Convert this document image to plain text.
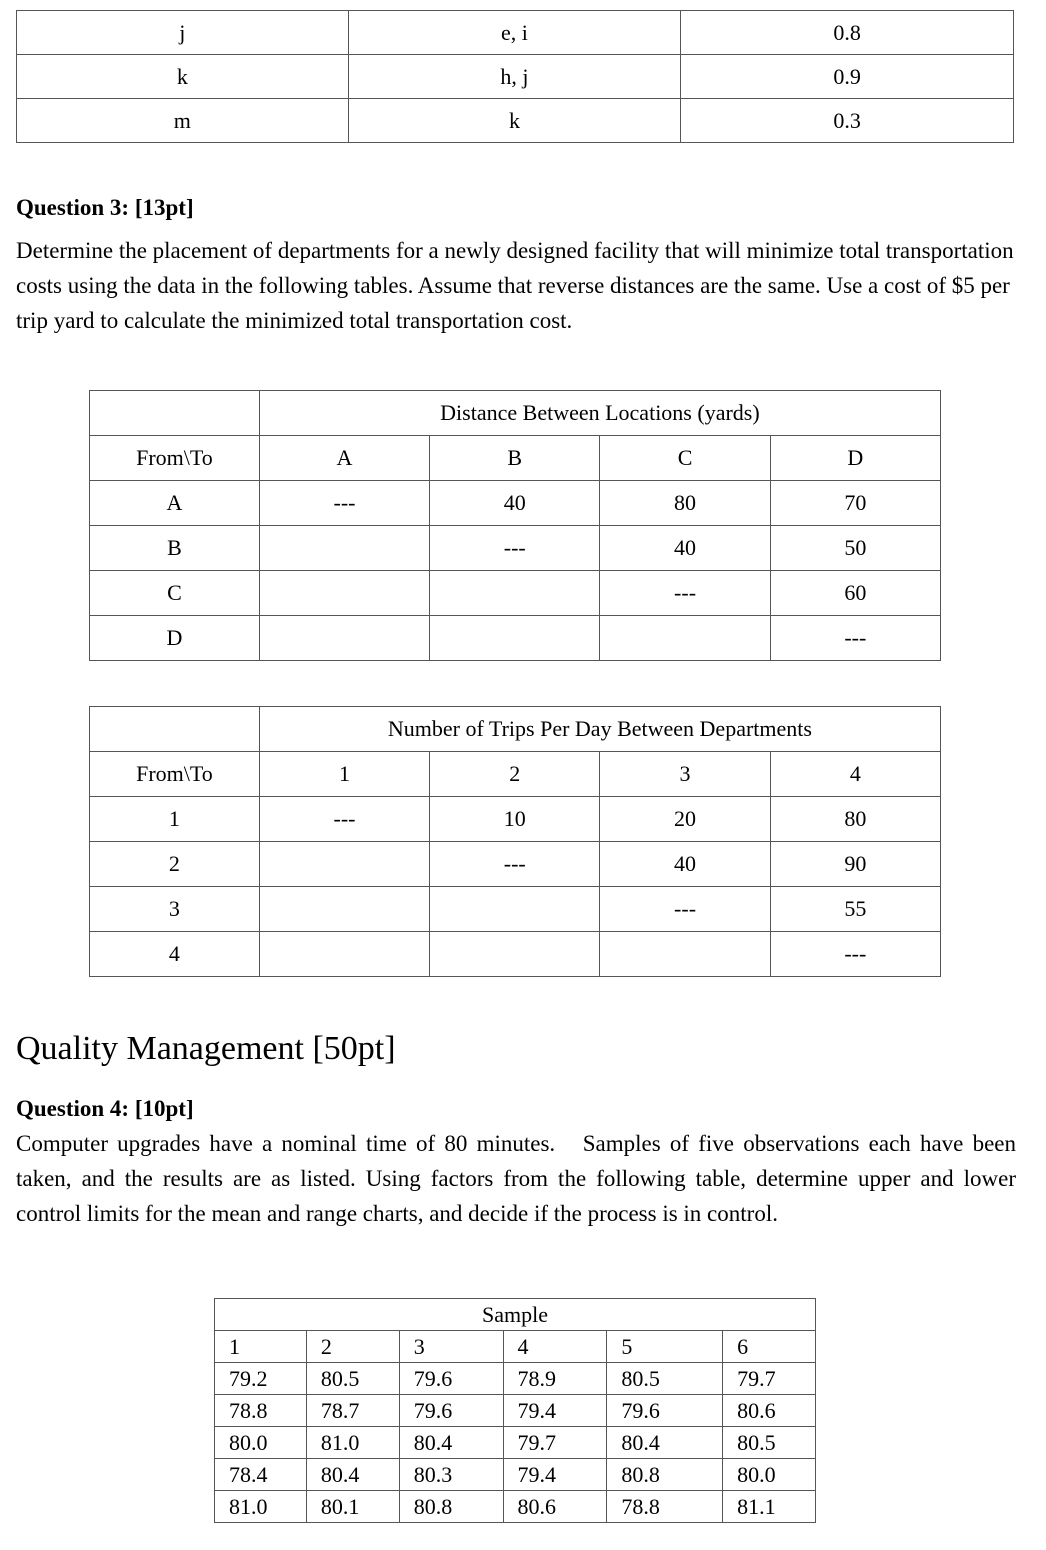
j	e, i	0.8
k	h, j	0.9
m	k	0.3
Question 3: [13pt]
Determine the placement of departments for a newly designed facility that will minimize total transportation costs using the data in the following tables. Assume that reverse distances are the same. Use a cost of $5 per trip yard to calculate the minimized total transportation cost.
	Distance Between Locations (yards)			
From\To	A	B	C	D
A	---	40	80	70
B		---	40	50
C			---	60
D				---
	Number of Trips Per Day Between Departments			
From\To	1	2	3	4
1	---	10	20	80
2		---	40	90
3			---	55
4				---
Quality Management [50pt]
Question 4: [10pt]
Computer upgrades have a nominal time of 80 minutes.   Samples of five observations each have been taken, and the results are as listed. Using factors from the following table, determine upper and lower control limits for the mean and range charts, and decide if the process is in control.
Sample					
1	2	3	4	5	6
79.2	80.5	79.6	78.9	80.5	79.7
78.8	78.7	79.6	79.4	79.6	80.6
80.0	81.0	80.4	79.7	80.4	80.5
78.4	80.4	80.3	79.4	80.8	80.0
81.0	80.1	80.8	80.6	78.8	81.1
